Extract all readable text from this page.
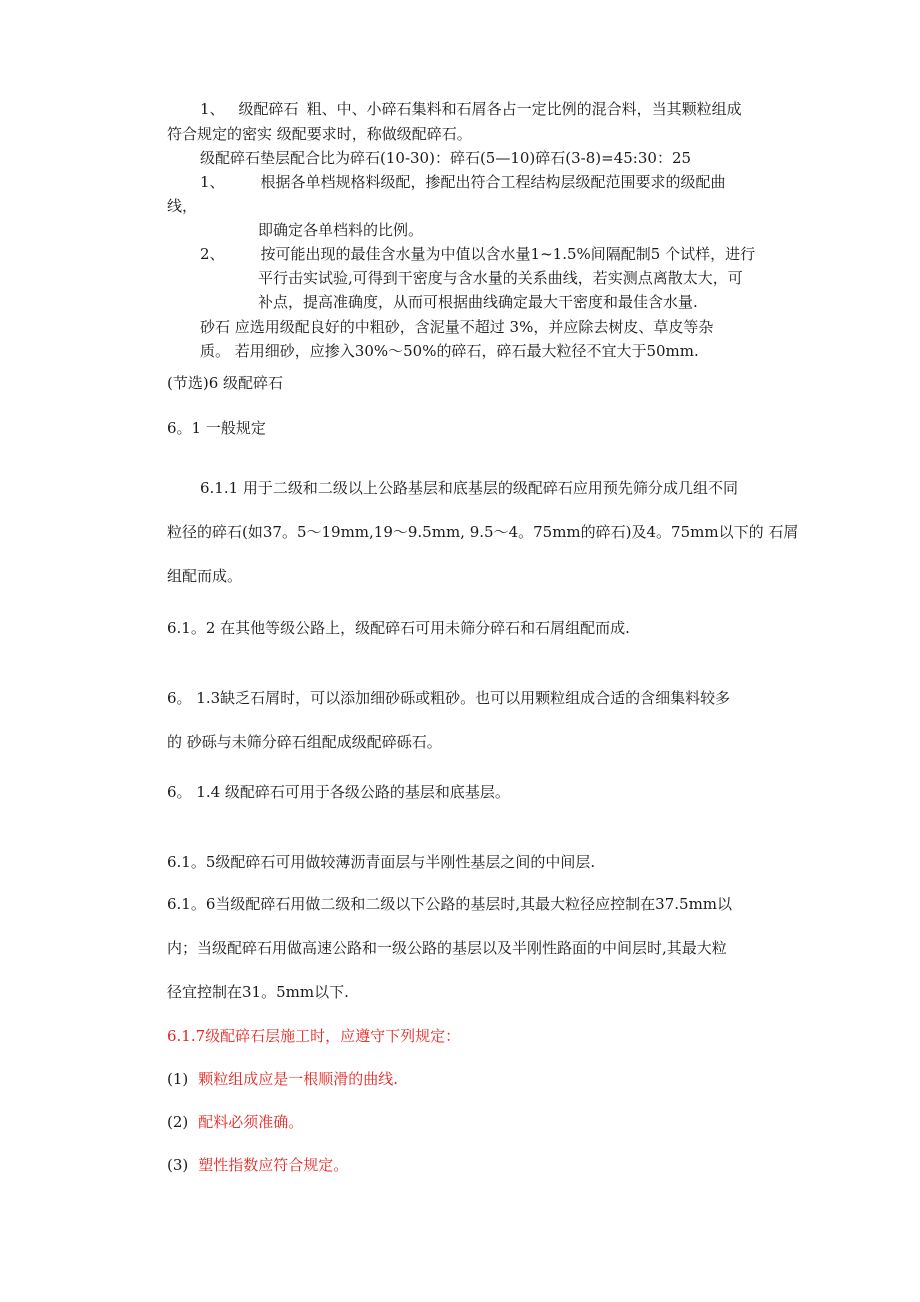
1、 级配碎石 粗、中、小碎石集料和石屑各占一定比例的混合料，当其颗粒组成
符合规定的密实 级配要求时，称做级配碎石。
级配碎石垫层配合比为碎石(10-30)：碎石(5—10)碎石(3-8)=45:30：25
1、 根据各单档规格料级配，掺配出符合工程结构层级配范围要求的级配曲
线，
即确定各单档料的比例。
2、 按可能出现的最佳含水量为中值以含水量1~1.5%间隔配制5 个试样，进行
平行击实试验,可得到干密度与含水量的关系曲线，若实测点离散太大，可
补点，提高准确度，从而可根据曲线确定最大干密度和最佳含水量.
砂石 应选用级配良好的中粗砂，含泥量不超过 3%，并应除去树皮、草皮等杂
质。 若用细砂，应掺入30%～50%的碎石，碎石最大粒径不宜大于50mm.
(节选)6 级配碎石
6。1 一般规定
6.1.1 用于二级和二级以上公路基层和底基层的级配碎石应用预先筛分成几组不同
粒径的碎石(如37。5～19mm,19～9.5mm, 9.5～4。75mm的碎石)及4。75mm以下的 石屑
组配而成。
6.1。2 在其他等级公路上，级配碎石可用未筛分碎石和石屑组配而成.
6。 1.3缺乏石屑时，可以添加细砂砾或粗砂。也可以用颗粒组成合适的含细集料较多
的 砂砾与未筛分碎石组配成级配碎砾石。
6。 1.4 级配碎石可用于各级公路的基层和底基层。
6.1。5级配碎石可用做较薄沥青面层与半刚性基层之间的中间层.
6.1。6当级配碎石用做二级和二级以下公路的基层时,其最大粒径应控制在37.5mm以
内；当级配碎石用做高速公路和一级公路的基层以及半刚性路面的中间层时,其最大粒
径宜控制在31。5mm以下.
6.1.7级配碎石层施工时，应遵守下列规定：
(1) 颗粒组成应是一根顺滑的曲线.
(2) 配料必须准确。
(3) 塑性指数应符合规定。
